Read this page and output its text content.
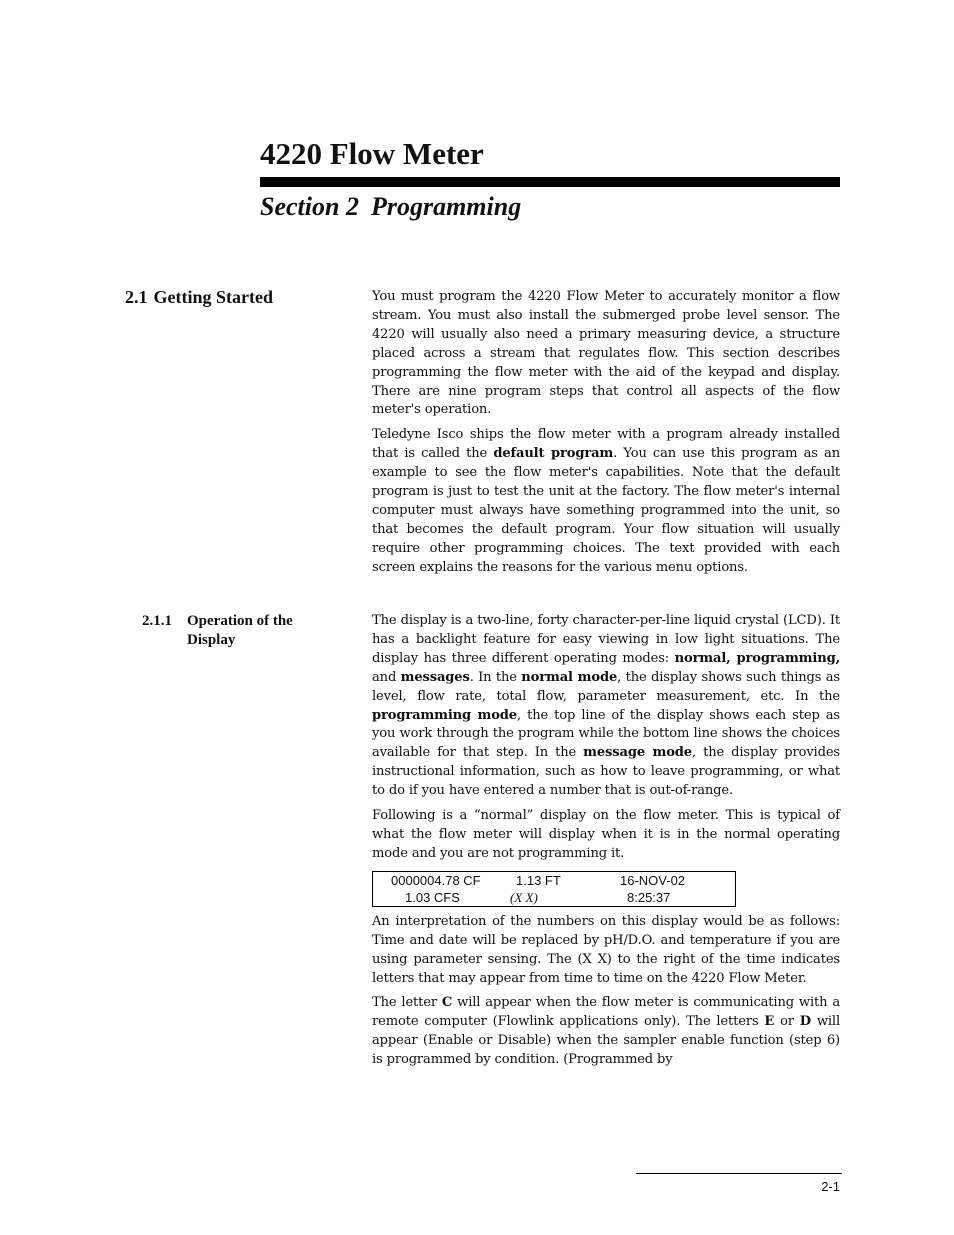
4220 Flow Meter
Section 2 Programming
2.1 Getting Started	You must program the 4220 Flow Meter to accurately monitor a flow stream. You must also install the submerged probe level sensor. The 4220 will usually also need a primary measuring device, a structure placed across a stream that regulates flow. This section describes programming the flow meter with the aid of the keypad and display. There are nine program steps that control all aspects of the flow meter's operation.

Teledyne Isco ships the flow meter with a program already installed that is called the default program. You can use this program as an example to see the flow meter's capabilities. Note that the default program is just to test the unit at the factory. The flow meter's internal computer must always have something programmed into the unit, so that becomes the default program. Your flow situation will usually require other programming choices. The text provided with each screen explains the reasons for the various menu options.

2.1.1 Operation of the Display

The display is a two-line, forty character-per-line liquid crystal (LCD). It has a backlight feature for easy viewing in low light situations. The display has three different operating modes: normal, programming, and messages. In the normal mode, the display shows such things as level, flow rate, total flow, parameter measurement, etc. In the programming mode, the top line of the display shows each step as you work through the program while the bottom line shows the choices available for that step. In the message mode, the display provides instructional information, such as how to leave programming, or what to do if you have entered a number that is out-of-range.

Following is a “normal” display on the flow meter. This is typical of what the flow meter will display when it is in the normal operating mode and you are not programming it.

0000004.78 CF	1.13 FT	16-NOV-02
1.03 CFS	(X X)	8:25:37

An interpretation of the numbers on this display would be as follows: Time and date will be replaced by pH/D.O. and temperature if you are using parameter sensing. The (X X) to the right of the time indicates letters that may appear from time to time on the 4220 Flow Meter.

The letter C will appear when the flow meter is communicating with a remote computer (Flowlink applications only). The letters E or D will appear (Enable or Disable) when the sampler enable function (step 6) is programmed by condition. (Programmed by

2-1
